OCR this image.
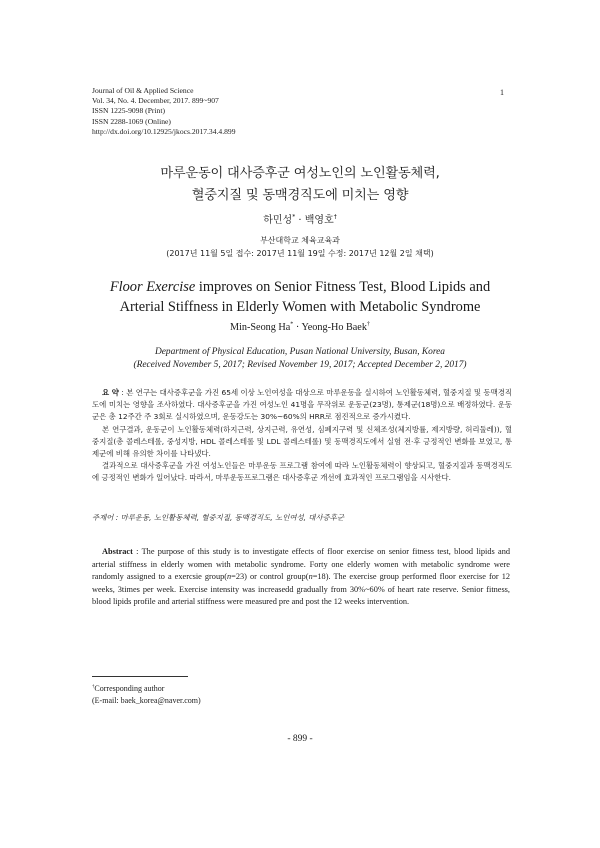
Journal of Oil & Applied Science
Vol. 34, No. 4. December, 2017. 899~907
ISSN 1225-9098 (Print)
ISSN 2288-1069 (Online)
http://dx.doi.org/10.12925/jkocs.2017.34.4.899
1
마루운동이 대사증후군 여성노인의 노인활동체력,
혈중지질 및 동맥경직도에 미치는 영향
하민성* · 백영호†
부산대학교 체육교육과
(2017년 11월 5일 접수: 2017년 11월 19일 수정: 2017년 12월 2일 채택)
Floor Exercise improves on Senior Fitness Test, Blood Lipids and
Arterial Stiffness in Elderly Women with Metabolic Syndrome
Min-Seong Ha* · Yeong-Ho Baek†
Department of Physical Education, Pusan National University, Busan, Korea
(Received November 5, 2017; Revised November 19, 2017; Accepted December 2, 2017)

요 약 : 본 연구는 대사증후군을 가진 65세 이상 노인여성을 대상으로 마루운동을 실시하여 노인활동체력, 혈중지질 및 동맥경직도에 미치는 영향을 조사하였다. 대사증후군을 가진 여성노인 41명을 무작위로 운동군(23명), 통제군(18명)으로 배정하였다. 운동군은 총 12주간 주 3회로 실시하였으며, 운동강도는 30%~60%의 HRR로 점진적으로 증가시켰다.

본 연구결과, 운동군이 노인활동체력(하지근력, 상지근력, 유연성, 심폐지구력 및 신체조성(체지방률, 제지방량, 허리둘레)), 혈중지질(총 콜레스테롤, 중성지방, HDL 콜레스테롤 및 LDL 콜레스테롤) 및 동맥경직도에서 실험 전·후 긍정적인 변화를 보였고, 통제군에 비해 유의한 차이를 나타냈다.

결과적으로 대사증후군을 가진 여성노인들은 마루운동 프로그램 참여에 따라 노인활동체력이 향상되고, 혈중지질과 동맥경직도에 긍정적인 변화가 일어났다. 따라서, 마루운동프로그램은 대사증후군 개선에 효과적인 프로그램임을 시사한다.

주제어 : 마루운동, 노인활동체력, 혈중지질, 동맥경직도, 노인여성, 대사증후군

Abstract : The purpose of this study is to investigate effects of floor exercise on senior fitness test, blood lipids and arterial stiffness in elderly women with metabolic syndrome. Forty one elderly women with metabolic syndrome were randomly assigned to a exercsie group(n=23) or control group(n=18). The exercise group performed floor exercise for 12 weeks, 3times per week. Exercise intensity was increasedd gradually from 30%~60% of heart rate reserve. Senior fitness, blood lipids profile and arterial stiffness were measured pre and post the 12 weeks intervention.

†Corresponding author
(E-mail: baek_korea@naver.com)
- 899 -
